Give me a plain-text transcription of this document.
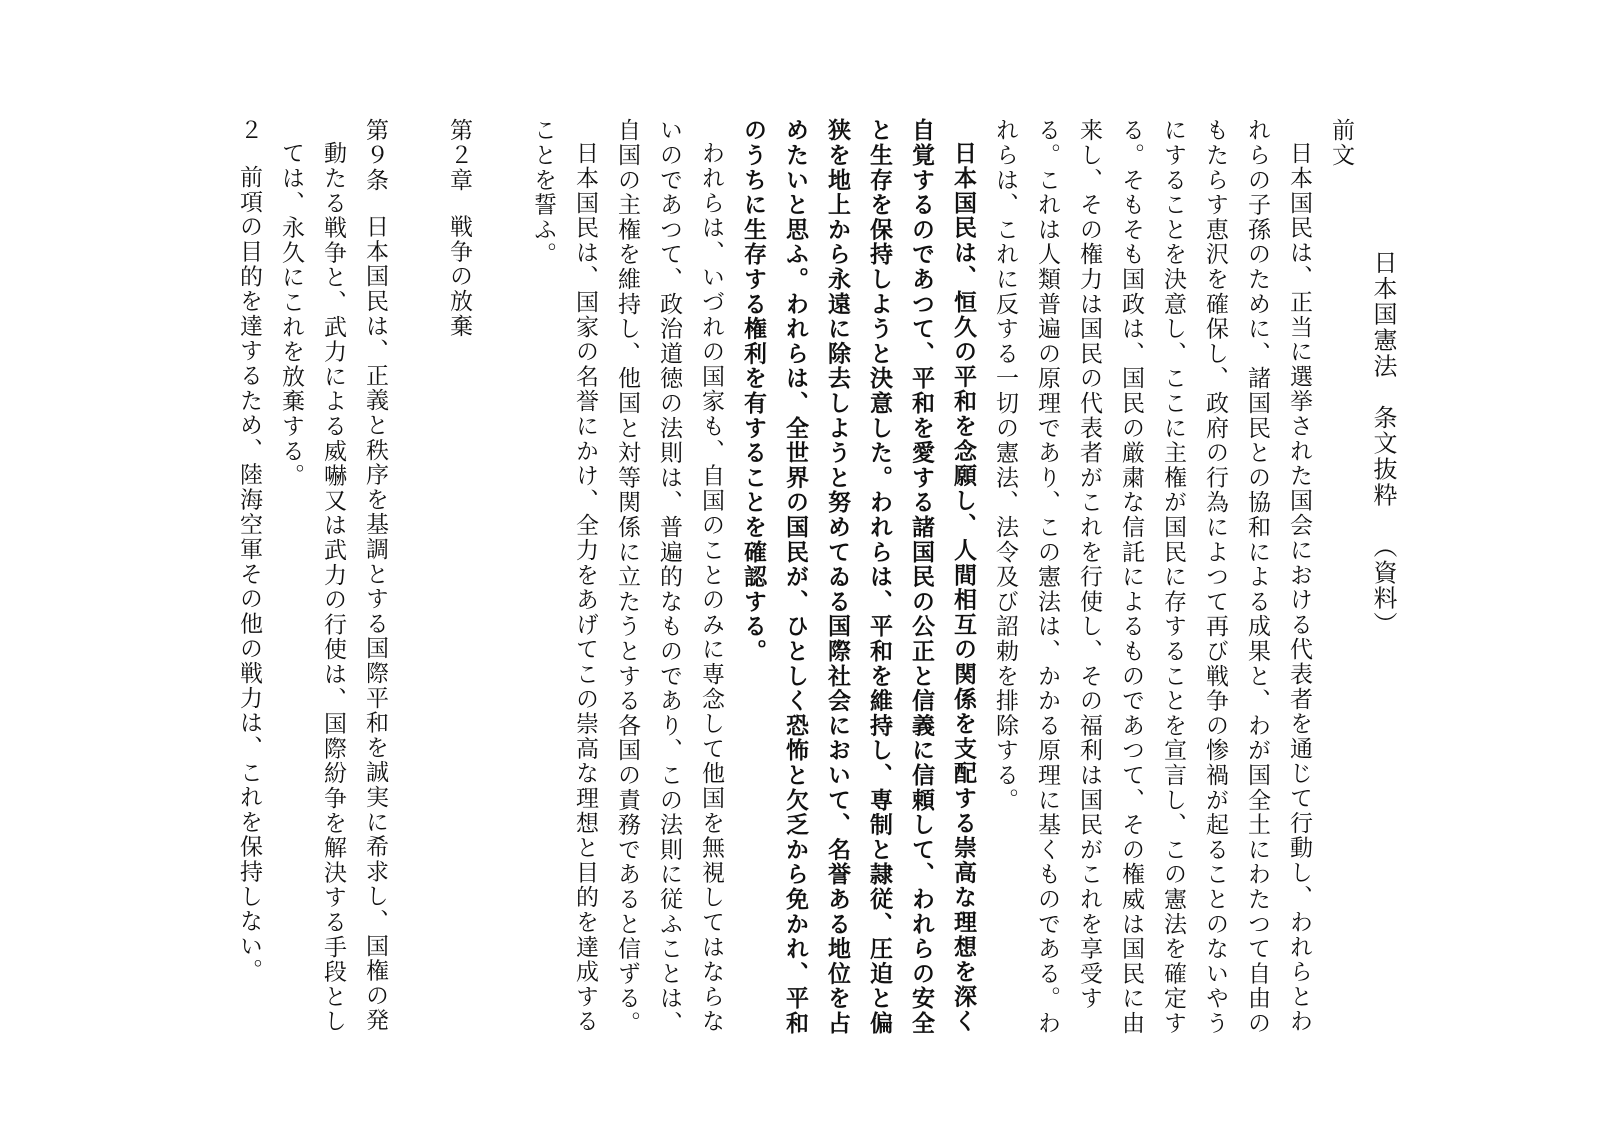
日本国憲法　条文抜粋（資料）
前文
日本国民は、正当に選挙された国会における代表者を通じて行動し、われらとわれらの子孫のために、諸国民との協和による成果と、わが国全土にわたつて自由のもたらす恵沢を確保し、政府の行為によつて再び戦争の惨禍が起ることのないやうにすることを決意し、ここに主権が国民に存することを宣言し、この憲法を確定する。そもそも国政は、国民の厳粛な信託によるものであつて、その権威は国民に由来し、その権力は国民の代表者がこれを行使し、その福利は国民がこれを享受する。これは人類普遍の原理であり、この憲法は、かかる原理に基くものである。われらは、これに反する一切の憲法、法令及び詔勅を排除する。
日本国民は、恒久の平和を念願し、人間相互の関係を支配する崇高な理想を深く自覚するのであつて、平和を愛する諸国民の公正と信義に信頼して、われらの安全と生存を保持しようと決意した。われらは、平和を維持し、専制と隷従、圧迫と偏狭を地上から永遠に除去しようと努めてゐる国際社会において、名誉ある地位を占めたいと思ふ。われらは、全世界の国民が、ひとしく恐怖と欠乏から免かれ、平和のうちに生存する権利を有することを確認する。
われらは、いづれの国家も、自国のことのみに専念して他国を無視してはならないのであつて、政治道徳の法則は、普遍的なものであり、この法則に従ふことは、自国の主権を維持し、他国と対等関係に立たうとする各国の責務であると信ずる。
日本国民は、国家の名誉にかけ、全力をあげてこの崇高な理想と目的を達成することを誓ふ。
第２章戦争の放棄
第９条日本国民は、正義と秩序を基調とする国際平和を誠実に希求し、国権の発動たる戦争と、武力による威嚇又は武力の行使は、国際紛争を解決する手段としては、永久にこれを放棄する。
２前項の目的を達するため、陸海空軍その他の戦力は、これを保持しない。
